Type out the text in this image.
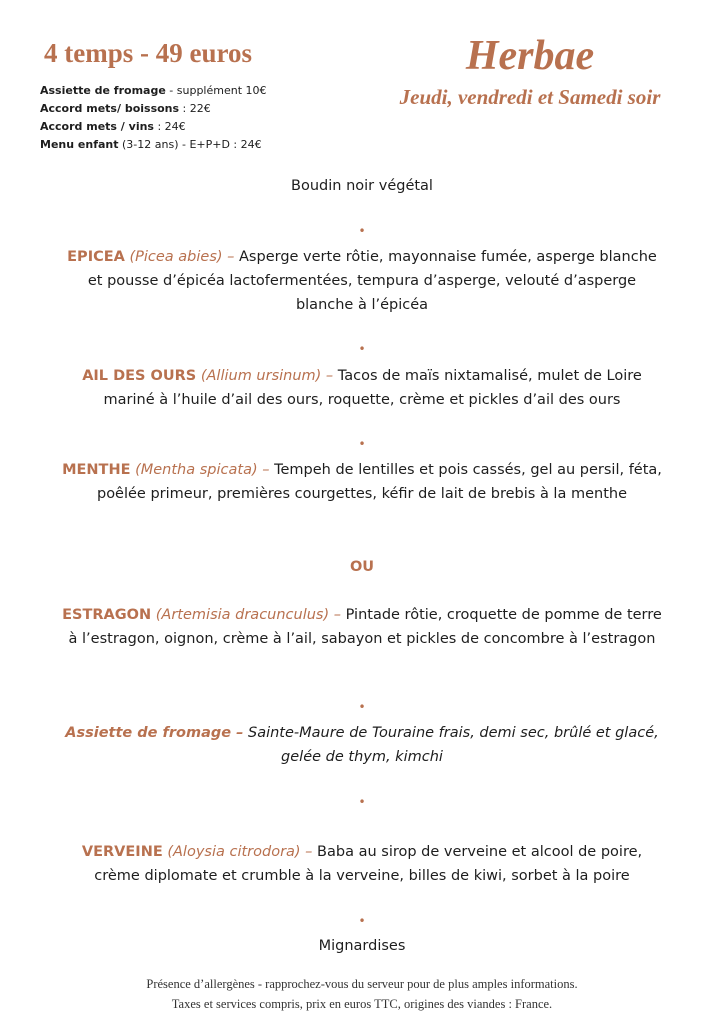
4 temps - 49 euros
Assiette de fromage - supplément 10€
Accord mets/ boissons : 22€
Accord mets / vins : 24€
Menu enfant (3-12 ans) - E+P+D : 24€
Herbae
Jeudi, vendredi et Samedi soir
Boudin noir végétal
•
EPICEA (Picea abies) – Asperge verte rôtie, mayonnaise fumée, asperge blanche et pousse d’épicéa lactofermentées, tempura d’asperge, velouté d’asperge blanche à l’épicéa
•
AIL DES OURS (Allium ursinum) – Tacos de maïs nixtamalisé, mulet de Loire mariné à l’huile d’ail des ours, roquette, crème et pickles d’ail des ours
•
MENTHE (Mentha spicata) – Tempeh de lentilles et pois cassés, gel au persil, féta, poêlée primeur, premières courgettes, kéfir de lait de brebis à la menthe
OU
ESTRAGON (Artemisia dracunculus) – Pintade rôtie, croquette de pomme de terre à l’estragon, oignon, crème à l’ail, sabayon et pickles de concombre à l’estragon
•
Assiette de fromage – Sainte-Maure de Touraine frais, demi sec, brûlé et glacé, gelée de thym, kimchi
•
VERVEINE (Aloysia citrodora) – Baba au sirop de verveine et alcool de poire, crème diplomate et crumble à la verveine, billes de kiwi, sorbet à la poire
•
Mignardises
Présence d’allergènes - rapprochez-vous du serveur pour de plus amples informations.
Taxes et services compris, prix en euros TTC, origines des viandes : France.
